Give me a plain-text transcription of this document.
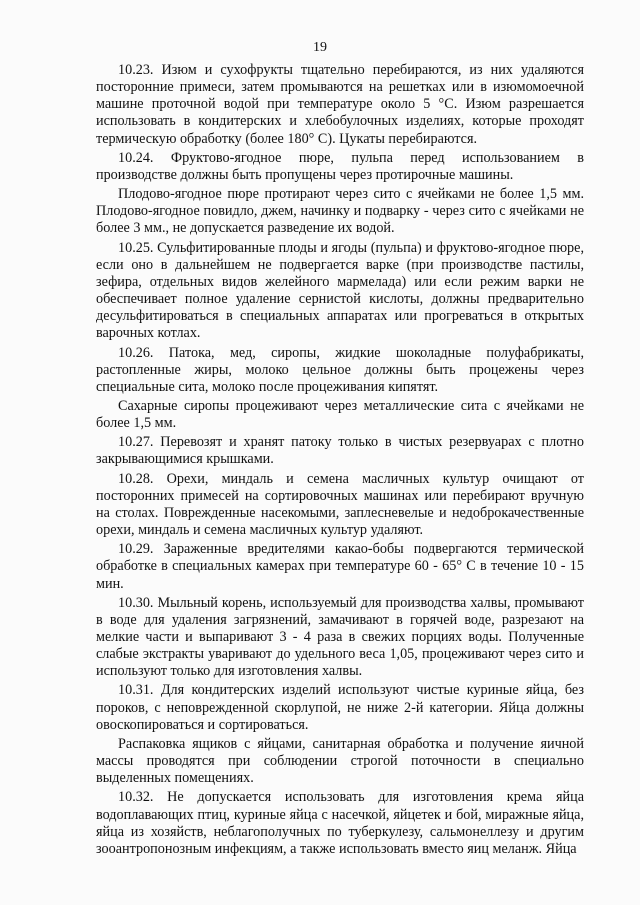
19

10.23. Изюм и сухофрукты тщательно перебираются, из них удаляются посторонние примеси, затем промываются на решетках или в изюмомоечной машине проточной водой при температуре около 5 °С. Изюм разрешается использовать в кондитерских и хлебобулочных изделиях, которые проходят термическую обработку (более 180° С). Цукаты перебираются.

10.24. Фруктово-ягодное пюре, пульпа перед использованием в производстве должны быть пропущены через протирочные машины.

Плодово-ягодное пюре протирают через сито с ячейками не более 1,5 мм. Плодово-ягодное повидло, джем, начинку и подварку - через сито с ячейками не более 3 мм., не допускается разведение их водой.

10.25. Сульфитированные плоды и ягоды (пульпа) и фруктово-ягодное пюре, если оно в дальнейшем не подвергается варке (при производстве пастилы, зефира, отдельных видов желейного мармелада) или если режим варки не обеспечивает полное удаление сернистой кислоты, должны предварительно десульфитироваться в специальных аппаратах или прогреваться в открытых варочных котлах.

10.26. Патока, мед, сиропы, жидкие шоколадные полуфабрикаты, растопленные жиры, молоко цельное должны быть процежены через специальные сита, молоко после процеживания кипятят.

Сахарные сиропы процеживают через металлические сита с ячейками не более 1,5 мм.

10.27. Перевозят и хранят патоку только в чистых резервуарах с плотно закрывающимися крышками.

10.28. Орехи, миндаль и семена масличных культур очищают от посторонних примесей на сортировочных машинах или перебирают вручную на столах. Поврежденные насекомыми, заплесневелые и недоброкачественные орехи, миндаль и семена масличных культур удаляют.

10.29. Зараженные вредителями какао-бобы подвергаются термической обработке в специальных камерах при температуре 60 - 65° С в течение 10 - 15 мин.

10.30. Мыльный корень, используемый для производства халвы, промывают в воде для удаления загрязнений, замачивают в горячей воде, разрезают на мелкие части и выпаривают 3 - 4 раза в свежих порциях воды. Полученные слабые экстракты уваривают до удельного веса 1,05, процеживают через сито и используют только для изготовления халвы.

10.31. Для кондитерских изделий используют чистые куриные яйца, без пороков, с неповрежденной скорлупой, не ниже 2-й категории. Яйца должны овоскопироваться и сортироваться.

Распаковка ящиков с яйцами, санитарная обработка и получение яичной массы проводятся при соблюдении строгой поточности в специально выделенных помещениях.

10.32. Не допускается использовать для изготовления крема яйца водоплавающих птиц, куриные яйца с насечкой, яйцетек и бой, миражные яйца, яйца из хозяйств, неблагополучных по туберкулезу, сальмонеллезу и другим зооантропонозным инфекциям, а также использовать вместо яиц меланж. Яйца
